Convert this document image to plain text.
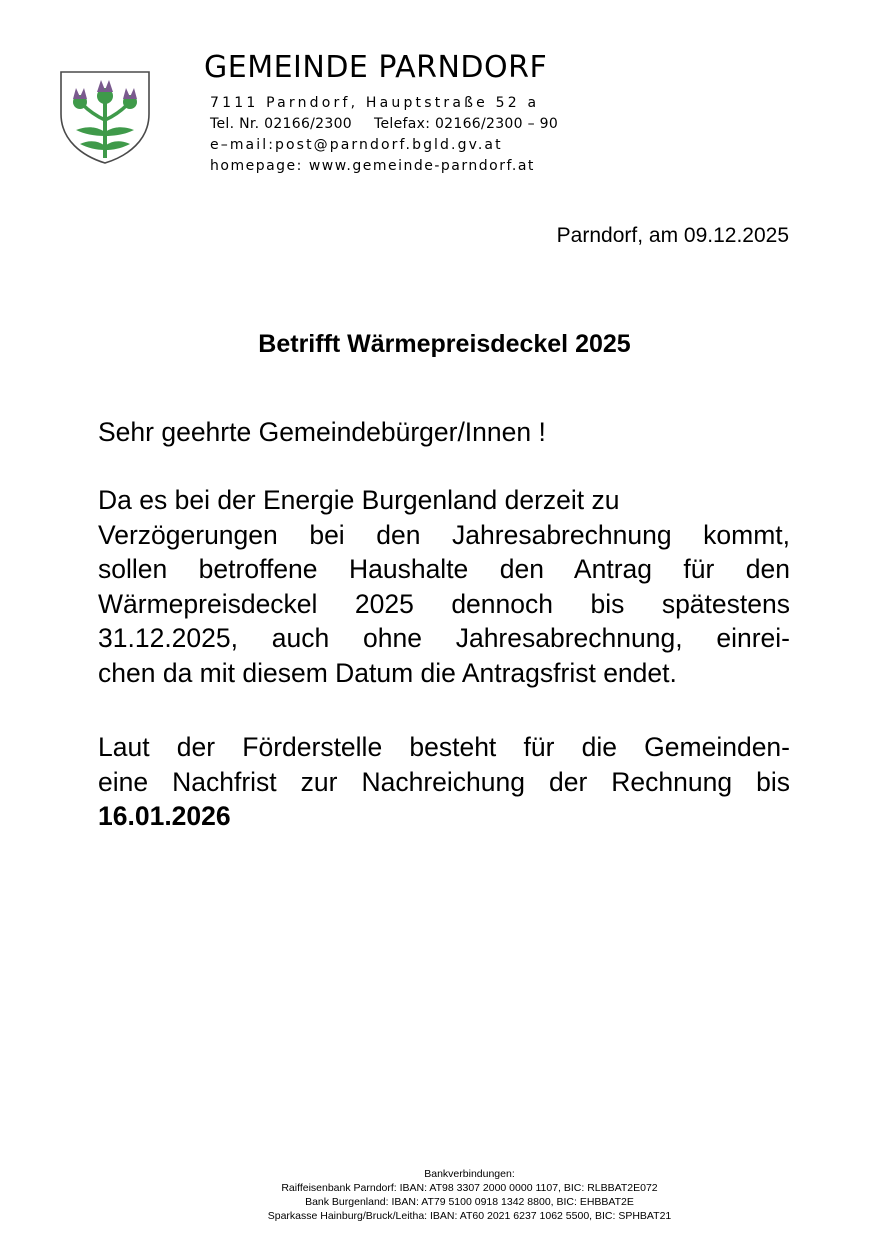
GEMEINDE PARNDORF
7111 Parndorf, Hauptstraße 52 a
Tel. Nr. 02166/2300 Telefax: 02166/2300 – 90
e–mail:post@parndorf.bgld.gv.at
homepage: www.gemeinde-parndorf.at
Parndorf, am 09.12.2025
Betrifft Wärmepreisdeckel 2025
Sehr geehrte Gemeindebürger/Innen !
Da es bei der Energie Burgenland derzeit zu
Verzögerungen bei den Jahresabrechnung kommt,
sollen betroffene Haushalte den Antrag für den
Wärmepreisdeckel 2025 dennoch bis spätestens
31.12.2025, auch ohne Jahresabrechnung, einrei-
chen da mit diesem Datum die Antragsfrist endet.
Laut der Förderstelle besteht für die Gemeinden-
eine Nachfrist zur Nachreichung der Rechnung bis
16.01.2026
Bankverbindungen:
Raiffeisenbank Parndorf: IBAN: AT98 3307 2000 0000 1107, BIC: RLBBAT2E072
Bank Burgenland: IBAN: AT79 5100 0918 1342 8800, BIC: EHBBAT2E
Sparkasse Hainburg/Bruck/Leitha: IBAN: AT60 2021 6237 1062 5500, BIC: SPHBAT21
